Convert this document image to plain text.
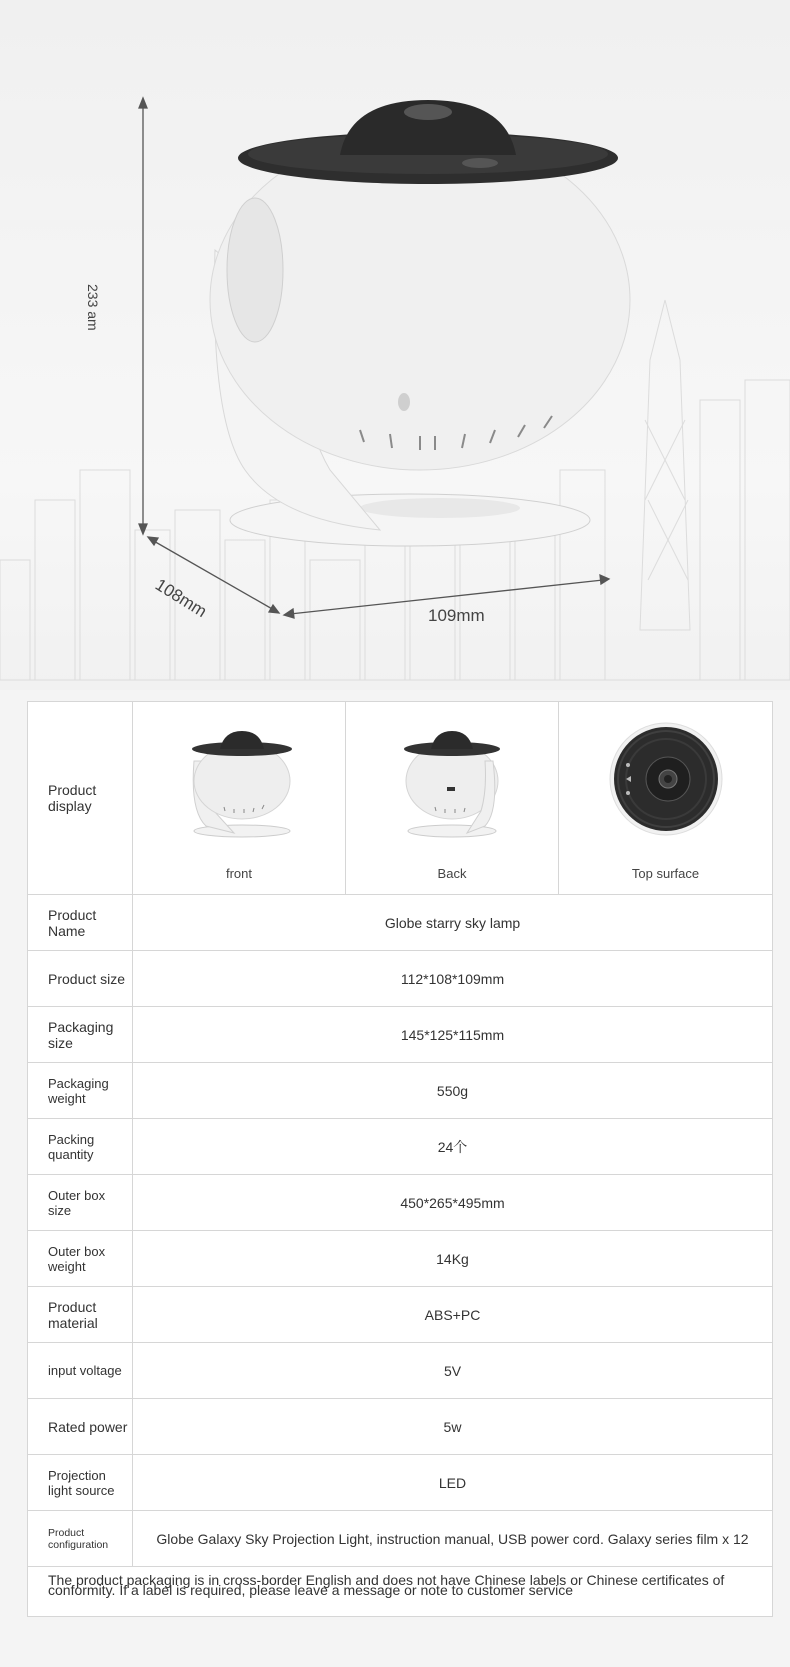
233 am
108mm	109mm
Product display	front	Back	Top surface

Product Name	Globe starry sky lamp		
Product size	112*108*109mm		
Packaging size	145*125*115mm		
Packaging weight	550g		
Packing quantity	24个		
Outer box size	450*265*495mm		
Outer box weight	14Kg		
Product material	ABS+PC		
input voltage	5V		
Rated power	5w		
Projection light source	LED		
Product configuration	Globe Galaxy Sky Projection Light, instruction manual, USB power cord. Galaxy series film x 12		
The product packaging is in cross-border English and does not have Chinese labels or Chinese certificates of conformity. If a label is required, please leave a message or note to customer service			
